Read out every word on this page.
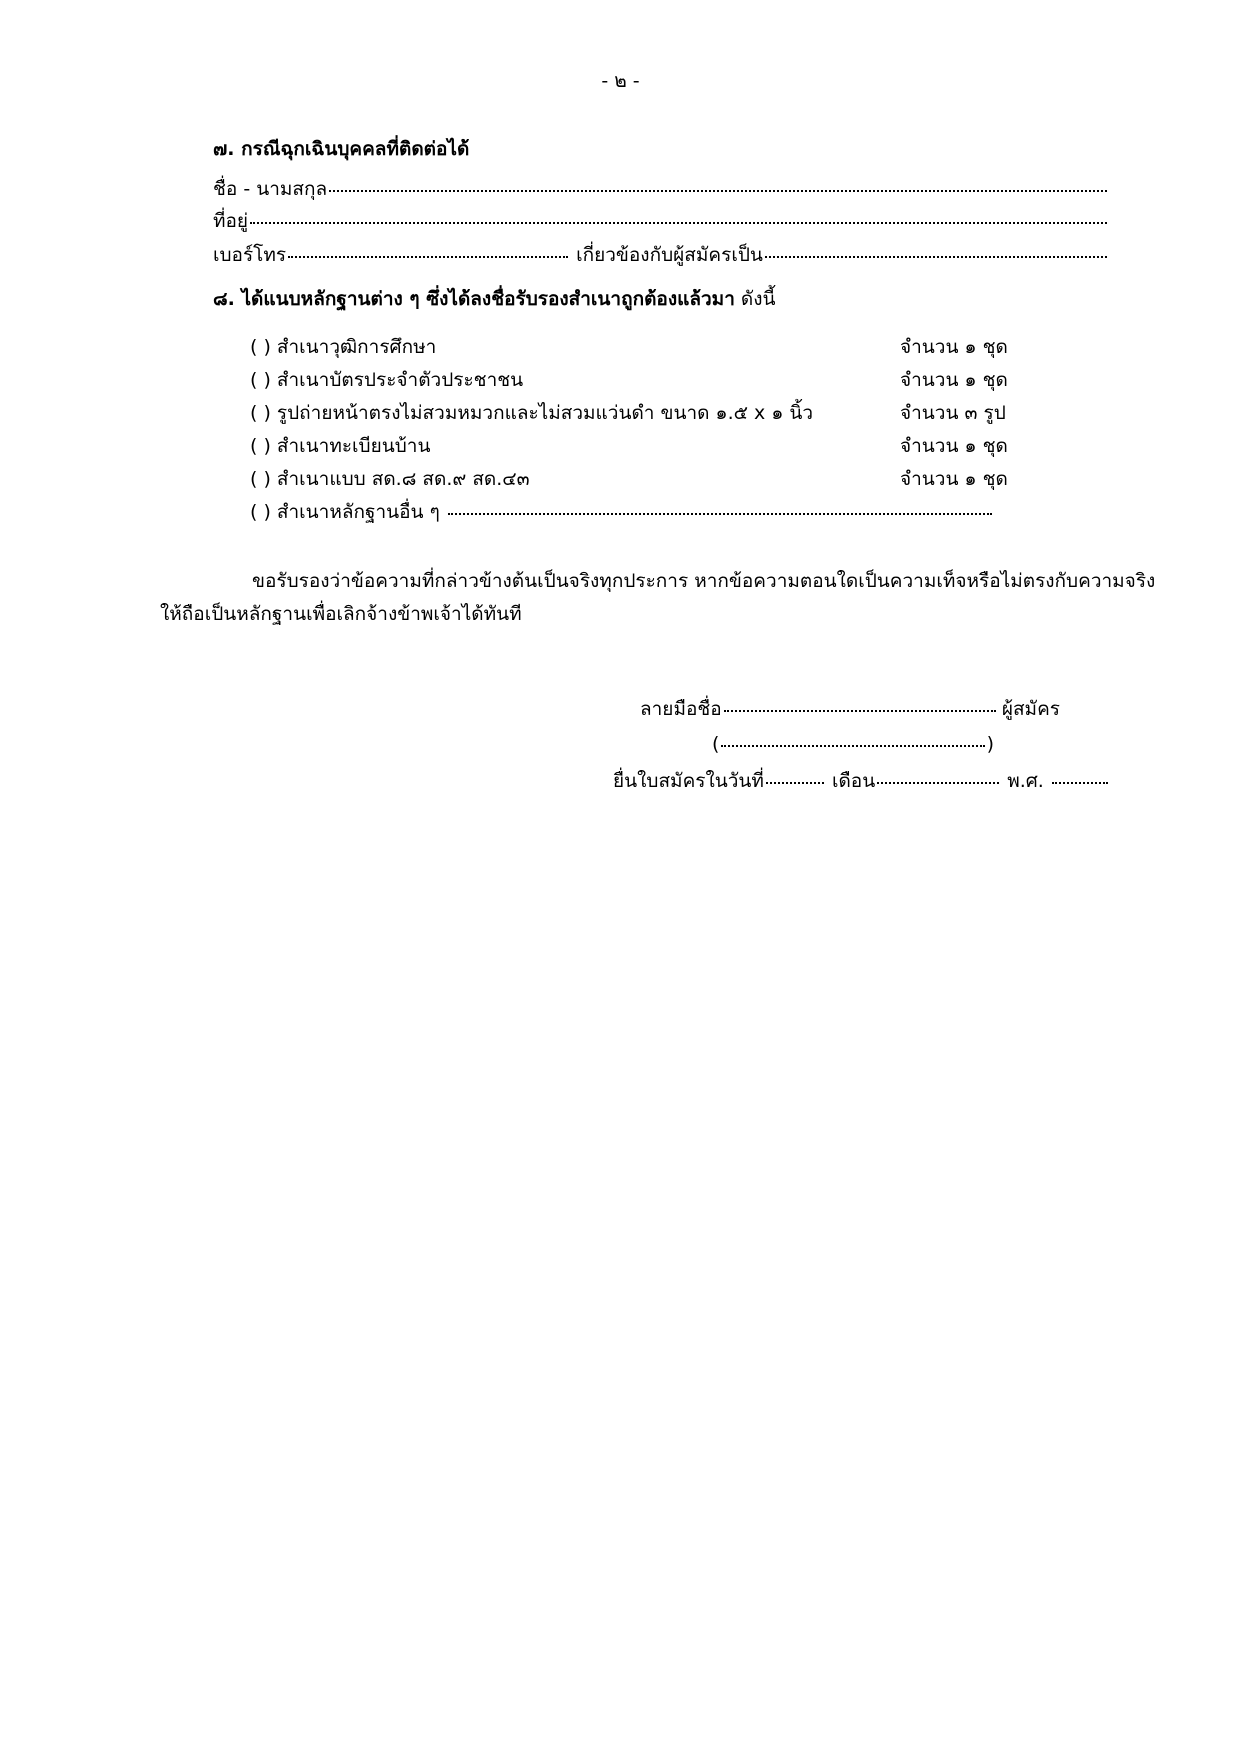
- ๒ -
๗. กรณีฉุกเฉินบุคคลที่ติดต่อได้
ชื่อ - นามสกุล
ที่อยู่
เบอร์โทร	เกี่ยวข้องกับผู้สมัครเป็น
๘. ได้แนบหลักฐานต่าง ๆ ซึ่งได้ลงชื่อรับรองสำเนาถูกต้องแล้วมา ดังนี้
( ) สำเนาวุฒิการศึกษา	จำนวน ๑ ชุด
( ) สำเนาบัตรประจำตัวประชาชน	จำนวน ๑ ชุด
( ) รูปถ่ายหน้าตรงไม่สวมหมวกและไม่สวมแว่นดำ ขนาด ๑.๕ x ๑ นิ้ว	จำนวน ๓ รูป
( ) สำเนาทะเบียนบ้าน	จำนวน ๑ ชุด
( ) สำเนาแบบ สด.๘ สด.๙ สด.๔๓	จำนวน ๑ ชุด
( ) สำเนาหลักฐานอื่น ๆ
ขอรับรองว่าข้อความที่กล่าวข้างต้นเป็นจริงทุกประการ หากข้อความตอนใดเป็นความเท็จหรือไม่ตรงกับความจริง
ให้ถือเป็นหลักฐานเพื่อเลิกจ้างข้าพเจ้าได้ทันที
ลายมือชื่อ	ผู้สมัคร
(	)
ยื่นใบสมัครในวันที่	เดือน	พ.ศ.
